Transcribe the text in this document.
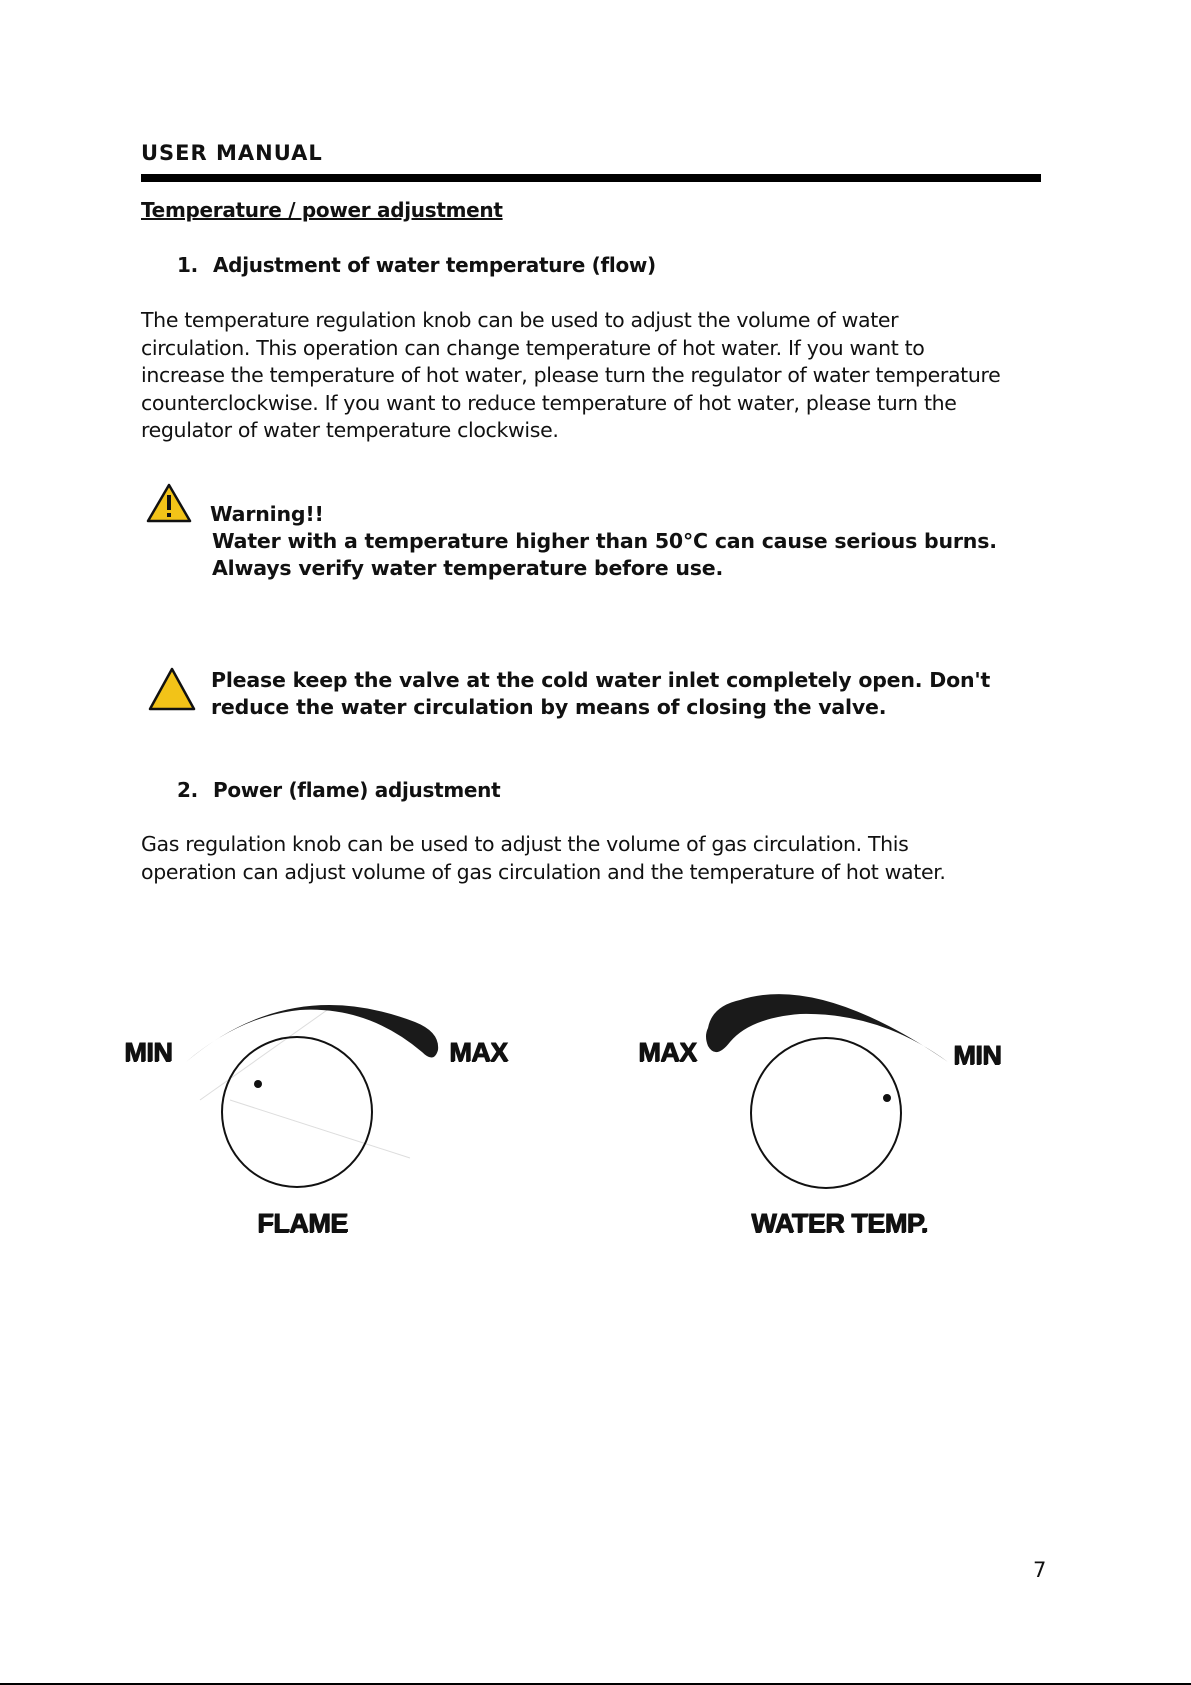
USER MANUAL
Temperature / power adjustment
1. Adjustment of water temperature (flow)
The temperature regulation knob can be used to adjust the volume of water
circulation. This operation can change temperature of hot water. If you want to
increase the temperature of hot water, please turn the regulator of water temperature
counterclockwise. If you want to reduce temperature of hot water, please turn the
regulator of water temperature clockwise.
Warning!!
Water with a temperature higher than 50°C can cause serious burns.
Always verify water temperature before use.
Please keep the valve at the cold water inlet completely open. Don't
reduce the water circulation by means of closing the valve.
2. Power (flame) adjustment
Gas regulation knob can be used to adjust the volume of gas circulation. This
operation can adjust volume of gas circulation and the temperature of hot water.
MIN	MAX
FLAME
MAX	MIN
WATER TEMP.
7
